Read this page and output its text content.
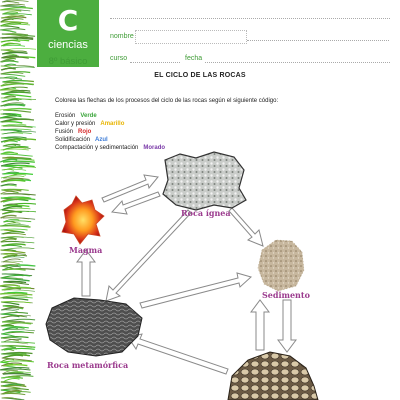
C
ciencias
8º básico
nombre
curso	fecha
EL CICLO DE LAS ROCAS
Colorea las flechas de los procesos del ciclo de las rocas según el siguiente código:
Erosión Verde
Calor y presión Amarillo
Fusión Rojo
Solidificación Azul
Compactación y sedimentación Morado
Roca ígnea
Magma
Sedimento
Roca metamórfica
